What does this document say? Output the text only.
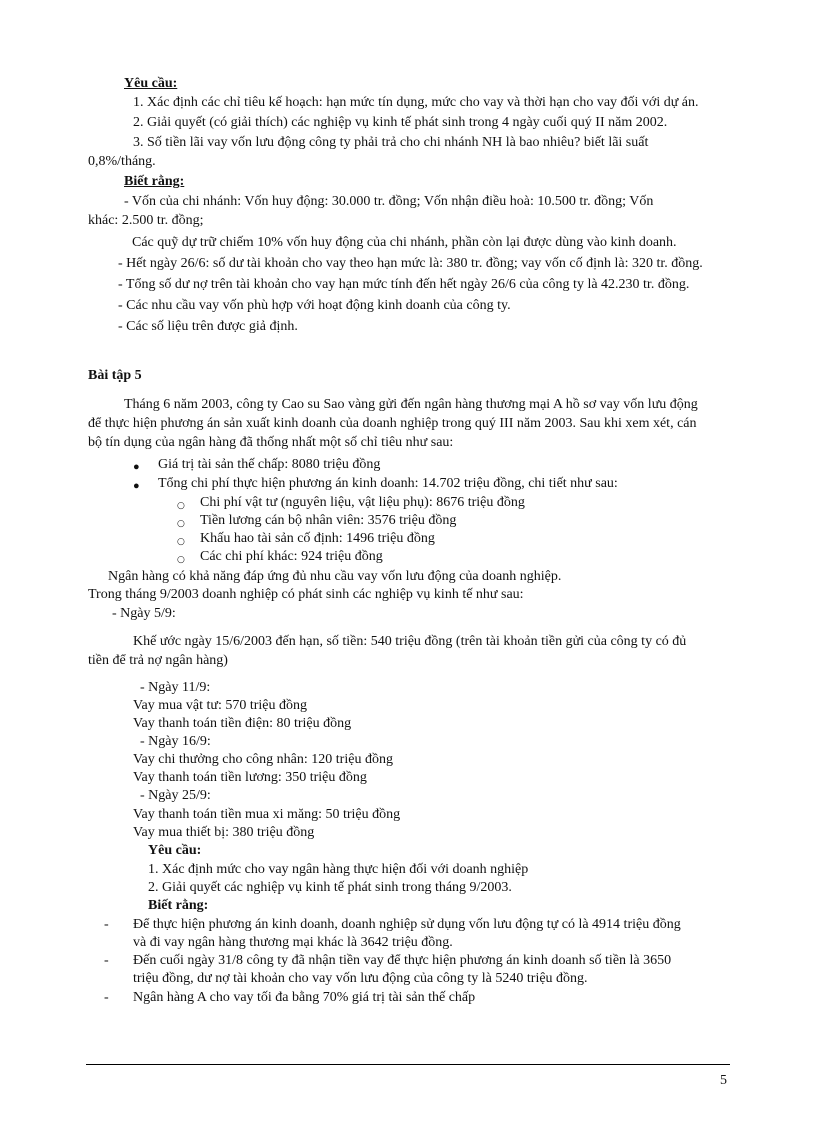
Yêu cầu:
1. Xác định các chỉ tiêu kế hoạch: hạn mức tín dụng, mức cho vay và thời hạn cho vay đối với dự án.
2. Giải quyết (có giải thích) các nghiệp vụ kinh tế phát sinh trong 4 ngày cuối quý II năm 2002.
3. Số tiền lãi vay vốn lưu động công ty phải trả cho chi nhánh NH là bao nhiêu? biết lãi suất
0,8%/tháng.
Biết rằng:
- Vốn của chi nhánh: Vốn huy động: 30.000 tr. đồng; Vốn nhận điều hoà: 10.500 tr. đồng; Vốn
khác: 2.500 tr. đồng;
Các quỹ dự trữ chiếm 10% vốn huy động của chi nhánh, phần còn lại được dùng vào kinh doanh.
- Hết ngày 26/6: số dư tài khoản cho vay theo hạn mức là: 380 tr. đồng; vay vốn cố định là: 320 tr. đồng.
- Tổng số dư nợ trên tài khoản cho vay hạn mức tính đến hết ngày 26/6 của công ty là 42.230 tr. đồng.
- Các nhu cầu vay vốn phù hợp với hoạt động kinh doanh của công ty.
- Các số liệu trên được giả định.
Bài tập 5
Tháng 6 năm 2003, công ty Cao su Sao vàng gửi đến ngân hàng thương mại A hồ sơ vay vốn lưu động
để thực hiện phương án sản xuất kinh doanh của doanh nghiệp trong quý III năm 2003. Sau khi xem xét, cán
bộ tín dụng của ngân hàng đã thống nhất một số chỉ tiêu như sau:
● Giá trị tài sản thế chấp: 8080 triệu đồng
● Tổng chi phí thực hiện phương án kinh doanh: 14.702 triệu đồng, chi tiết như sau:
○ Chi phí vật tư (nguyên liệu, vật liệu phụ): 8676 triệu đồng
○ Tiền lương cán bộ nhân viên: 3576 triệu đồng
○ Khấu hao tài sản cố định: 1496 triệu đồng
○ Các chi phí khác: 924 triệu đồng
Ngân hàng có khả năng đáp ứng đủ nhu cầu vay vốn lưu động của doanh nghiệp.
Trong tháng 9/2003 doanh nghiệp có phát sinh các nghiệp vụ kinh tế như sau:
- Ngày 5/9:
Khế ước ngày 15/6/2003 đến hạn, số tiền: 540 triệu đồng (trên tài khoản tiền gửi của công ty có đủ
tiền để trả nợ ngân hàng)
- Ngày 11/9:
Vay mua vật tư: 570 triệu đồng
Vay thanh toán tiền điện: 80 triệu đồng
- Ngày 16/9:
Vay chi thưởng cho công nhân: 120 triệu đồng
Vay thanh toán tiền lương: 350 triệu đồng
- Ngày 25/9:
Vay thanh toán tiền mua xi măng: 50 triệu đồng
Vay mua thiết bị: 380 triệu đồng
Yêu cầu:
1. Xác định mức cho vay ngân hàng thực hiện đối với doanh nghiệp
2. Giải quyết các nghiệp vụ kinh tế phát sinh trong tháng 9/2003.
Biết rằng:
- Để thực hiện phương án kinh doanh, doanh nghiệp sử dụng vốn lưu động tự có là 4914 triệu đồng
và đi vay ngân hàng thương mại khác là 3642 triệu đồng.
- Đến cuối ngày 31/8 công ty đã nhận tiền vay để thực hiện phương án kinh doanh số tiền là 3650
triệu đồng, dư nợ tài khoản cho vay vốn lưu động của công ty là 5240 triệu đồng.
- Ngân hàng A cho vay tối đa bằng 70% giá trị tài sản thế chấp
5
